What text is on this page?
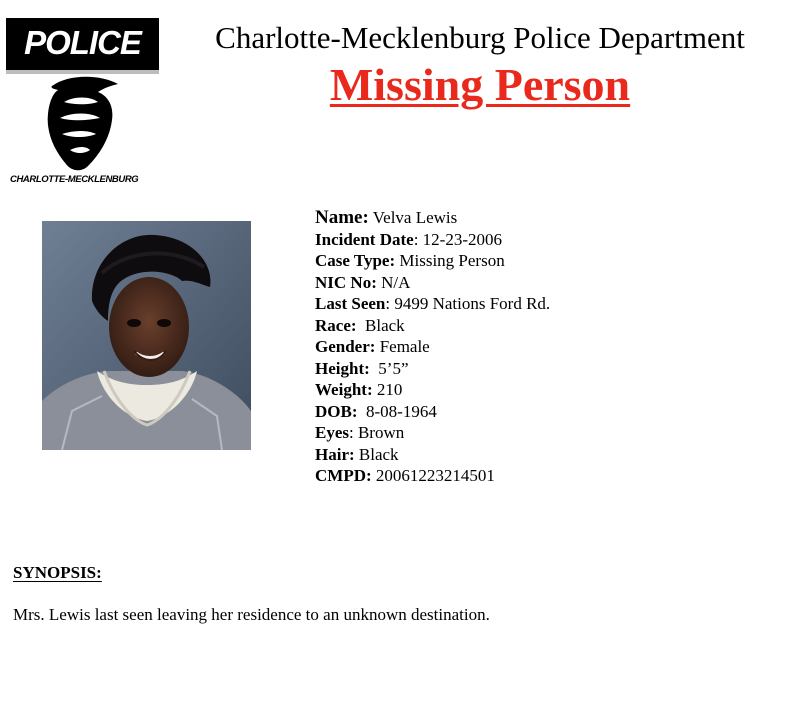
POLICE
CHARLOTTE-MECKLENBURG
Charlotte-Mecklenburg Police Department
Missing Person
Name: Velva Lewis
Incident Date: 12-23-2006
Case Type: Missing Person
NIC No: N/A
Last Seen: 9499 Nations Ford Rd.
Race:  Black
Gender: Female
Height:  5’5”
Weight: 210
DOB:  8-08-1964
Eyes: Brown
Hair: Black
CMPD: 20061223214501
SYNOPSIS:
Mrs. Lewis last seen leaving her residence to an unknown destination.
